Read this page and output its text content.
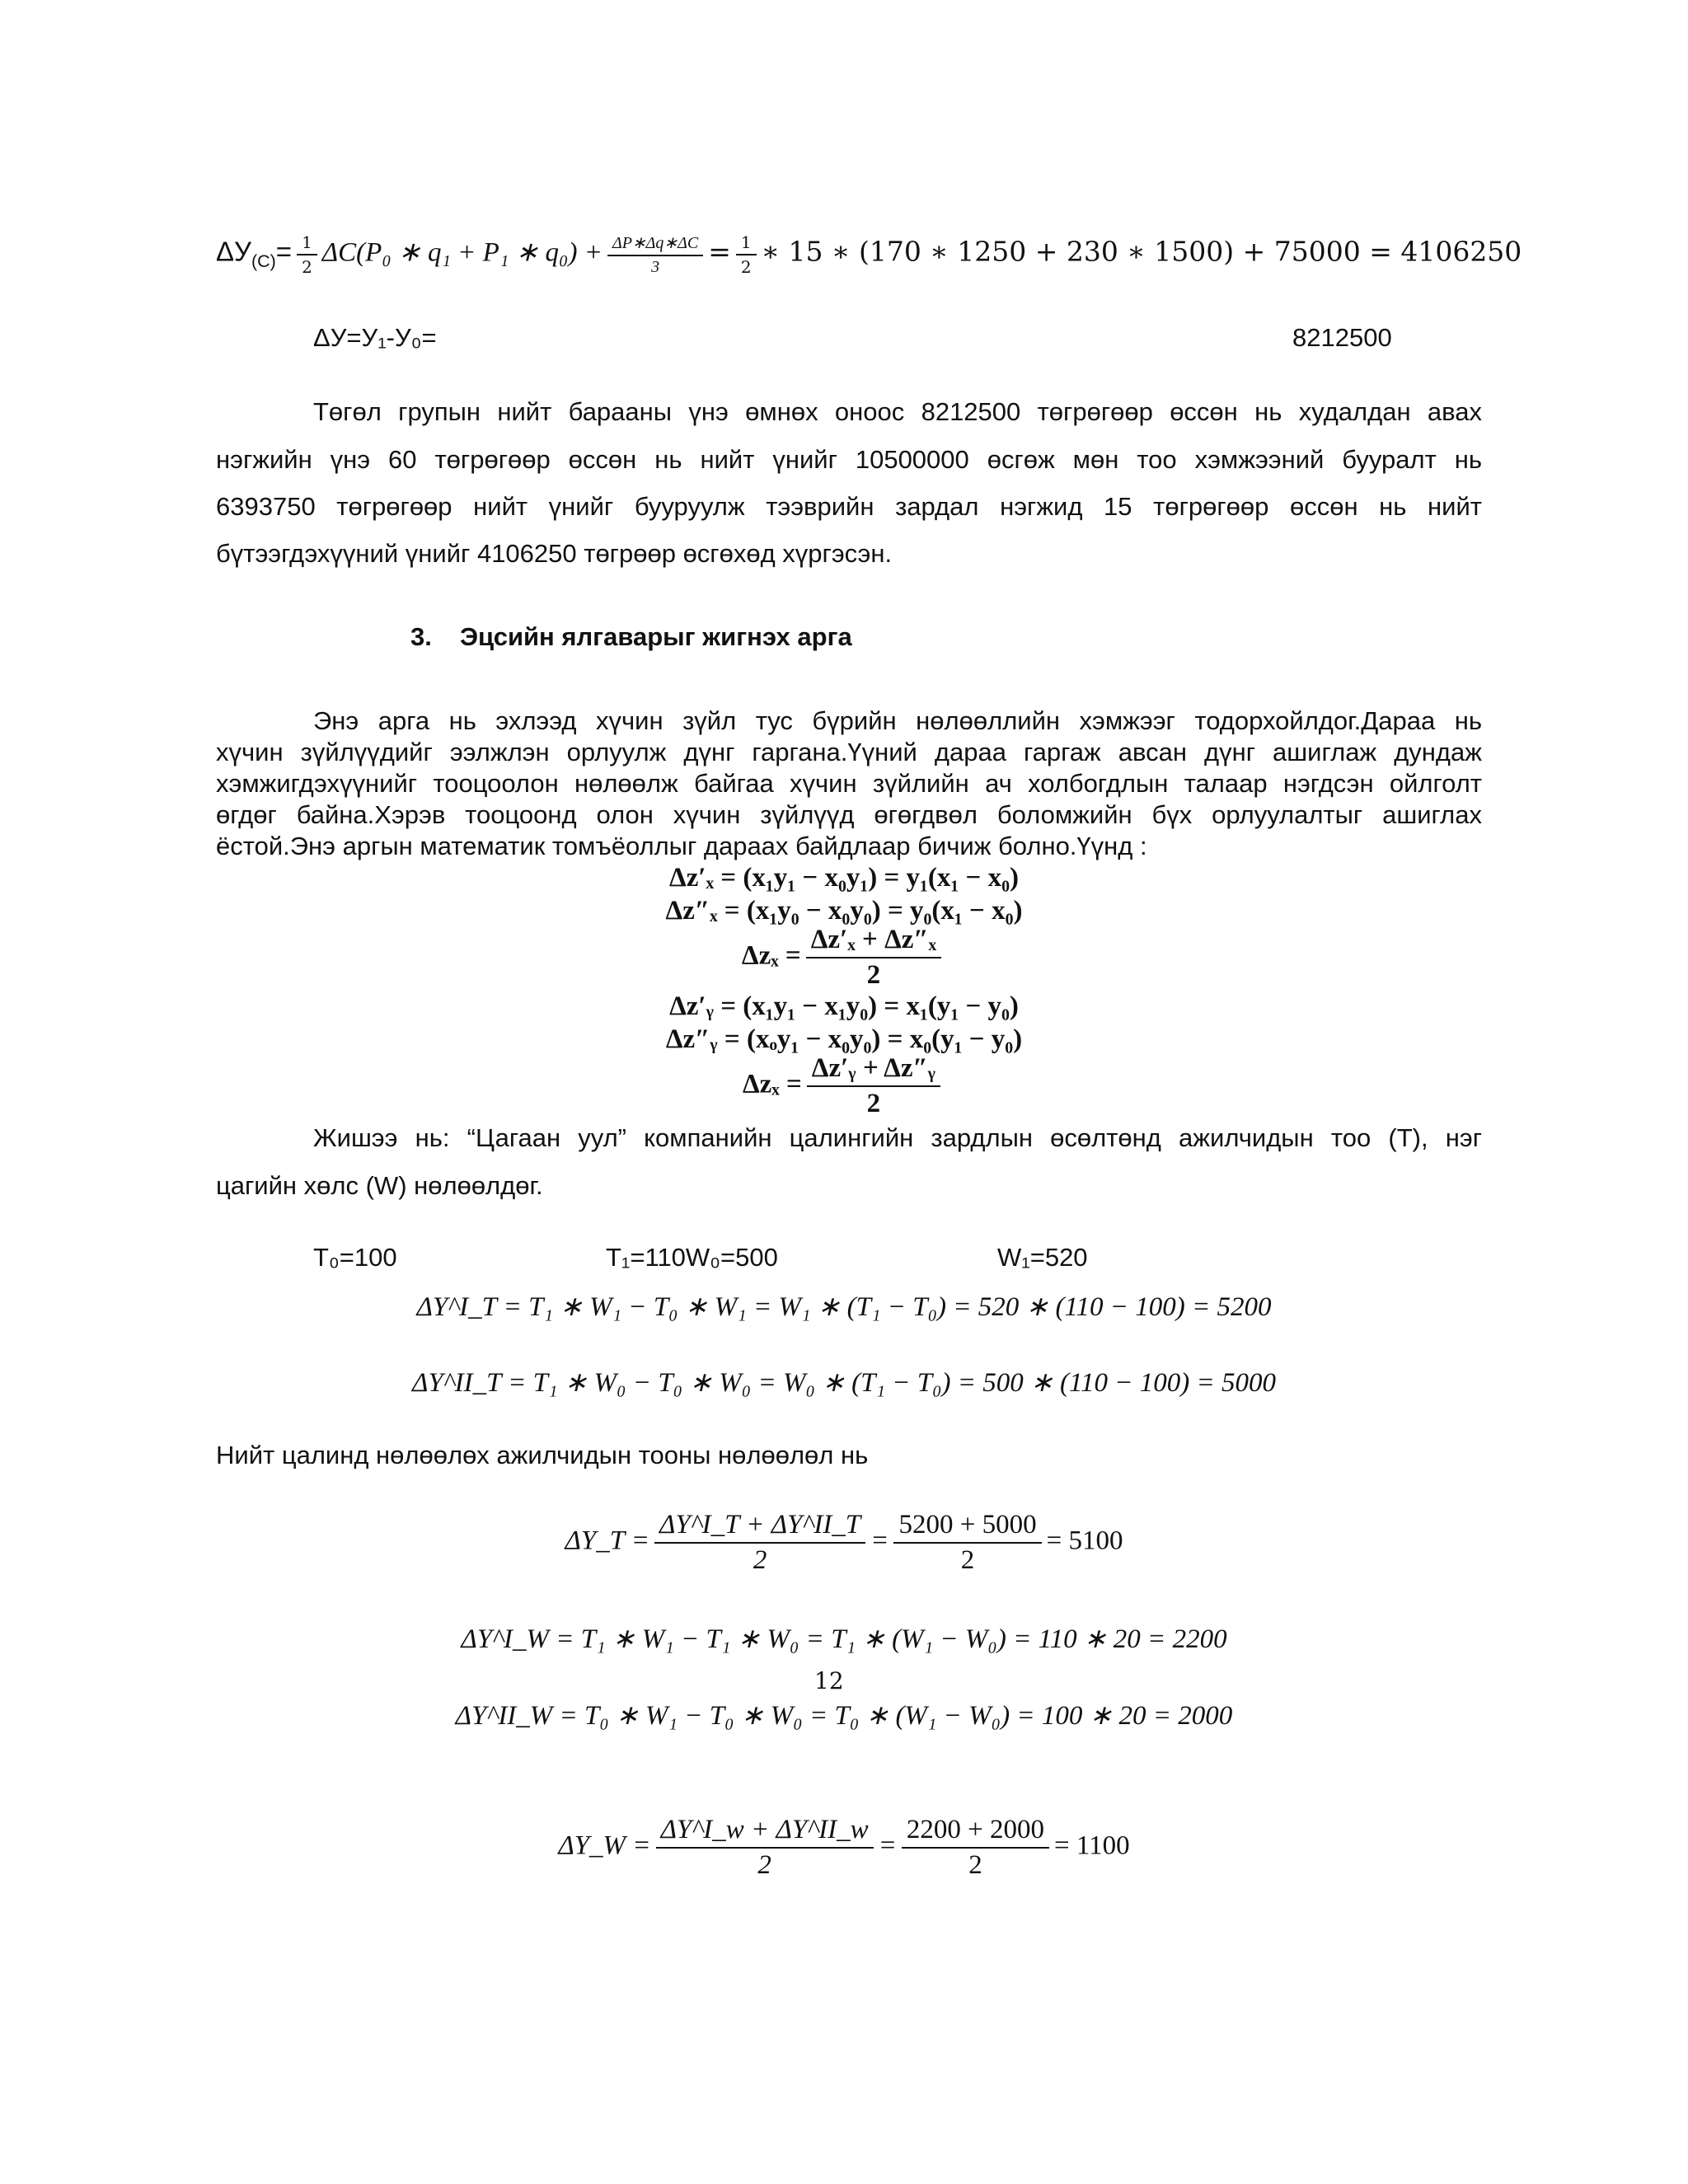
$\Delta У_{(C)}= \frac{1}{2} \Delta C(P_0$ ∗ q₁ + P₁ ∗ $q_0) + \frac{\Delta P∗\Delta q∗\Delta C}{3} = \frac{1}{2}$ ∗ 15 ∗ (170 ∗ 1250 + 230 ∗ 1500) + 75000 = 4106250
ΔУ=У₁-У₀=	8212500
Төгөл групын нийт барааны үнэ өмнөх оноос 8212500 төгрөгөөр өссөн нь худалдан авах
нэгжийн үнэ 60 төгрөгөөр өссөн нь нийт үнийг 10500000 өсгөж мөн тоо хэмжээний бууралт нь
6393750 төгрөгөөр нийт үнийг бууруулж тээврийн зардал нэгжид 15 төгрөгөөр өссөн нь нийт
бүтээгдэхүүний үнийг 4106250 төгрөөр өсгөхөд хүргэсэн.
3. Эцсийн ялгаварыг жигнэх арга
Энэ арга нь эхлээд хүчин зүйл тус бүрийн нөлөөллийн хэмжээг тодорхойлдог.Дараа нь
хүчин зүйлүүдийг ээлжлэн орлуулж дүнг гаргана.Үүний дараа гаргаж авсан дүнг ашиглаж дундаж
хэмжигдэхүүнийг тооцоолон нөлөөлж байгаа хүчин зүйлийн ач холбогдлын талаар нэгдсэн ойлголт
өгдөг байна.Хэрэв тооцоонд олон хүчин зүйлүүд өгөгдвөл боломжийн бүх орлуулалтыг ашиглах
ёстой.Энэ аргын математик томъёоллыг дараах байдлаар бичиж болно.Үүнд :
Δz′ₓ = (x₁y₁ − x₀y₁) = y₁(x₁ − x₀)
Δz″ₓ = (x₁y₀ − x₀y₀) = y₀(x₁ − x₀)
$\Delta z_x = \frac{\text{Δz′ₓ + Δz″ₓ}}{2}$
Δz′ᵧ = (x₁y₁ − x₁y₀) = x₁(y₁ − y₀)
Δz″ᵧ = (xₒy₁ − x₀y₀) = x₀(y₁ − y₀)
$\Delta z_x = \frac{\text{Δz′ᵧ + Δz″ᵧ}}{2}$
Жишээ нь: “Цагаан уул” компанийн цалингийн зардлын өсөлтөнд ажилчидын тоо (T), нэг
цагийн хөлс (W) нөлөөлдөг.
T₀=100	T₁=110W₀=500	W₁=520
ΔY^I_T = T₁ ∗ W₁ − T₀ ∗ W₁ = W₁ ∗ (T₁ − T₀) = 520 ∗ (110 − 100) = 5200
ΔY^II_T = T₁ ∗ W₀ − T₀ ∗ W₀ = W₀ ∗ (T₁ − T₀) = 500 ∗ (110 − 100) = 5000
Нийт цалинд нөлөөлөх ажилчидын тооны нөлөөлөл нь
ΔY_T = $\frac{\Delta Y\^{}I\_T + \Delta Y\^{}II\_T}{2} = \frac{5200 + 5000}{2} = 5100$
ΔY^I_W = T₁ ∗ W₁ − T₁ ∗ W₀ = T₁ ∗ (W₁ − W₀) = 110 ∗ 20 = 2200
12
ΔY^II_W = T₀ ∗ W₁ − T₀ ∗ W₀ = T₀ ∗ (W₁ − W₀) = 100 ∗ 20 = 2000
ΔY_W = $\frac{\Delta Y\^{}I\_w + \Delta Y\^{}II\_w}{2} = \frac{2200 + 2000}{2} = 1100$
